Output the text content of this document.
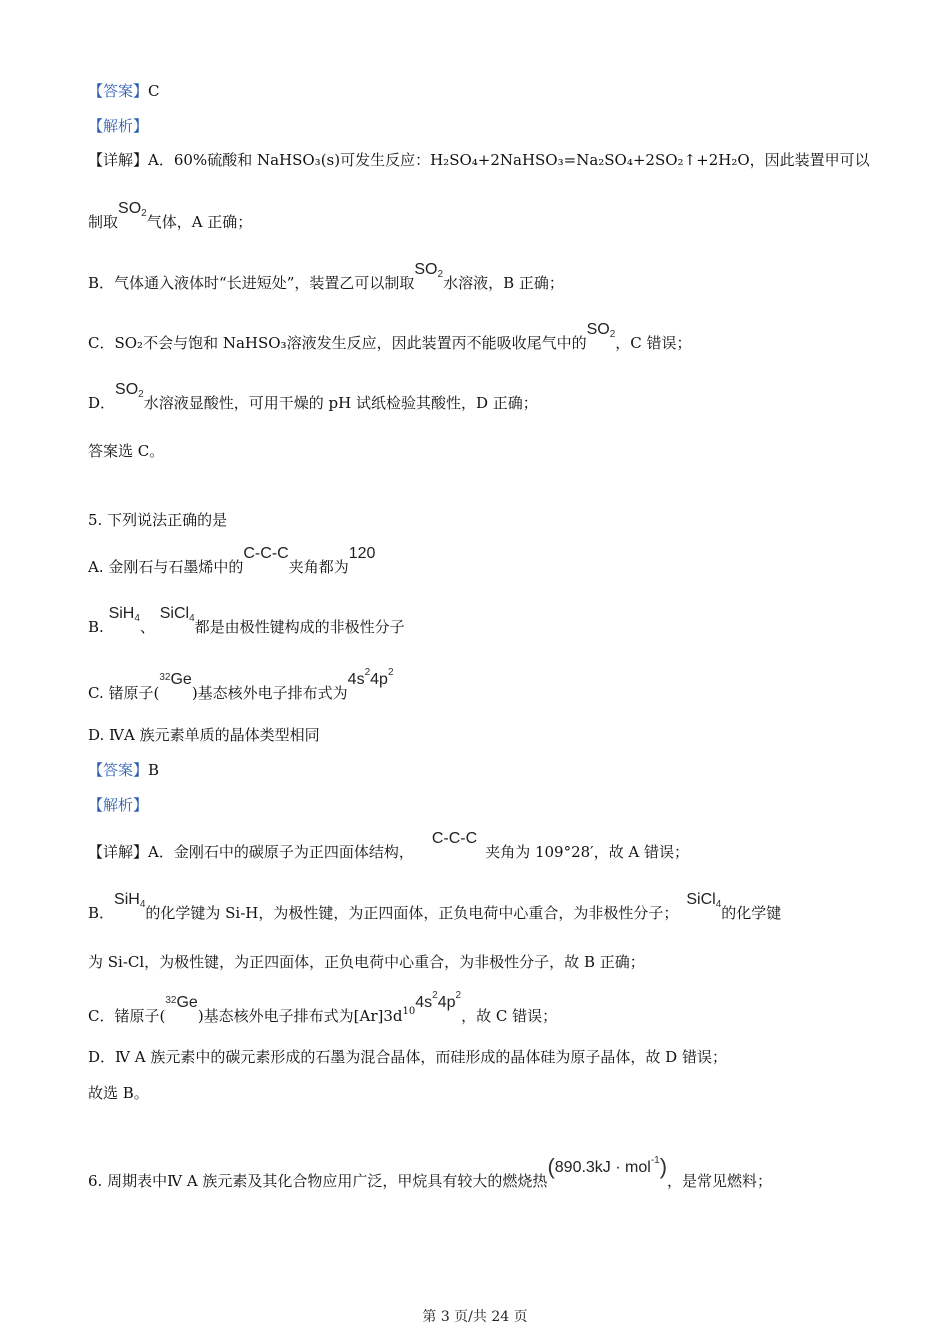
【答案】C
【解析】
【详解】A．60%硫酸和 NaHSO₃(s)可发生反应：H₂SO₄+2NaHSO₃=Na₂SO₄+2SO₂↑+2H₂O，因此装置甲可以
制取$SO_2$气体，A 正确；
B．气体通入液体时“长进短处”，装置乙可以制取$SO_2$水溶液，B 正确；
C．SO₂不会与饱和 NaHSO₃溶液发生反应，因此装置丙不能吸收尾气中的$SO_2$，C 错误；
D．$SO_2$水溶液显酸性，可用干燥的 pH 试纸检验其酸性，D 正确；
答案选 C。
5. 下列说法正确的是
A. 金刚石与石墨烯中的C-C-C夹角都为120
B. SiH$_4$、 SiCl$_4$都是由极性键构成的非极性分子
C. 锗原子($^{32}$Ge)基态核外电子排布式为$4s^24p^2$
D. ⅣA 族元素单质的晶体类型相同
【答案】B
【解析】
【详解】A．金刚石中的碳原子为正四面体结构，C-C-C夹角为 109°28′，故 A 错误；
B．SiH$_4$的化学键为 Si-H，为极性键，为正四面体，正负电荷中心重合，为非极性分子；SiCl$_4$的化学键
为 Si-Cl，为极性键，为正四面体，正负电荷中心重合，为非极性分子，故 B 正确；
C．锗原子($^{32}$Ge)基态核外电子排布式为$[Ar]3d^{10}4s^24p^2$，故 C 错误；
D．Ⅳ A 族元素中的碳元素形成的石墨为混合晶体，而硅形成的晶体硅为原子晶体，故 D 错误；
故选 B。
6. 周期表中Ⅳ A 族元素及其化合物应用广泛，甲烷具有较大的燃烧热(890.3kJ · mol$^{-1}$)，是常见燃料；
第 3 页/共 24 页
